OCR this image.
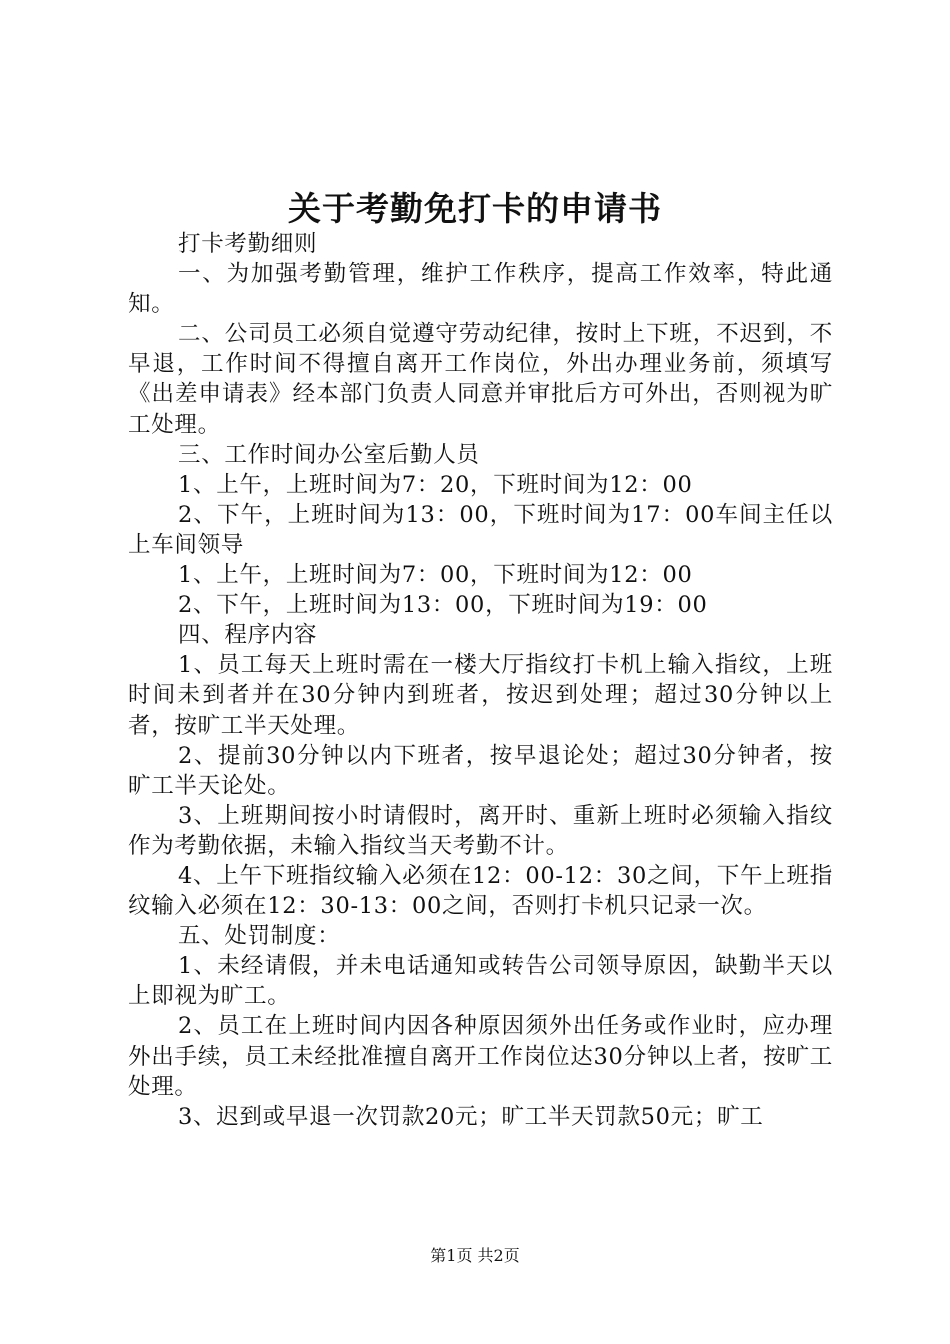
关于考勤免打卡的申请书

打卡考勤细则

一、为加强考勤管理，维护工作秩序，提高工作效率，特此通知。

二、公司员工必须自觉遵守劳动纪律，按时上下班，不迟到，不早退，工作时间不得擅自离开工作岗位，外出办理业务前，须填写《出差申请表》经本部门负责人同意并审批后方可外出，否则视为旷工处理。

三、工作时间办公室后勤人员

1、上午，上班时间为7：20，下班时间为12：00

2、下午，上班时间为13：00，下班时间为17：00车间主任以上车间领导

1、上午，上班时间为7：00，下班时间为12：00

2、下午，上班时间为13：00，下班时间为19：00

四、程序内容

1、员工每天上班时需在一楼大厅指纹打卡机上输入指纹，上班时间未到者并在30分钟内到班者，按迟到处理；超过30分钟以上者，按旷工半天处理。

2、提前30分钟以内下班者，按早退论处；超过30分钟者，按旷工半天论处。

3、上班期间按小时请假时，离开时、重新上班时必须输入指纹作为考勤依据，未输入指纹当天考勤不计。

4、上午下班指纹输入必须在12：00-12：30之间，下午上班指纹输入必须在12：30-13：00之间，否则打卡机只记录一次。

五、处罚制度：

1、未经请假，并未电话通知或转告公司领导原因，缺勤半天以上即视为旷工。

2、员工在上班时间内因各种原因须外出任务或作业时，应办理外出手续，员工未经批准擅自离开工作岗位达30分钟以上者，按旷工处理。

3、迟到或早退一次罚款20元；旷工半天罚款50元；旷工

第1页 共2页
